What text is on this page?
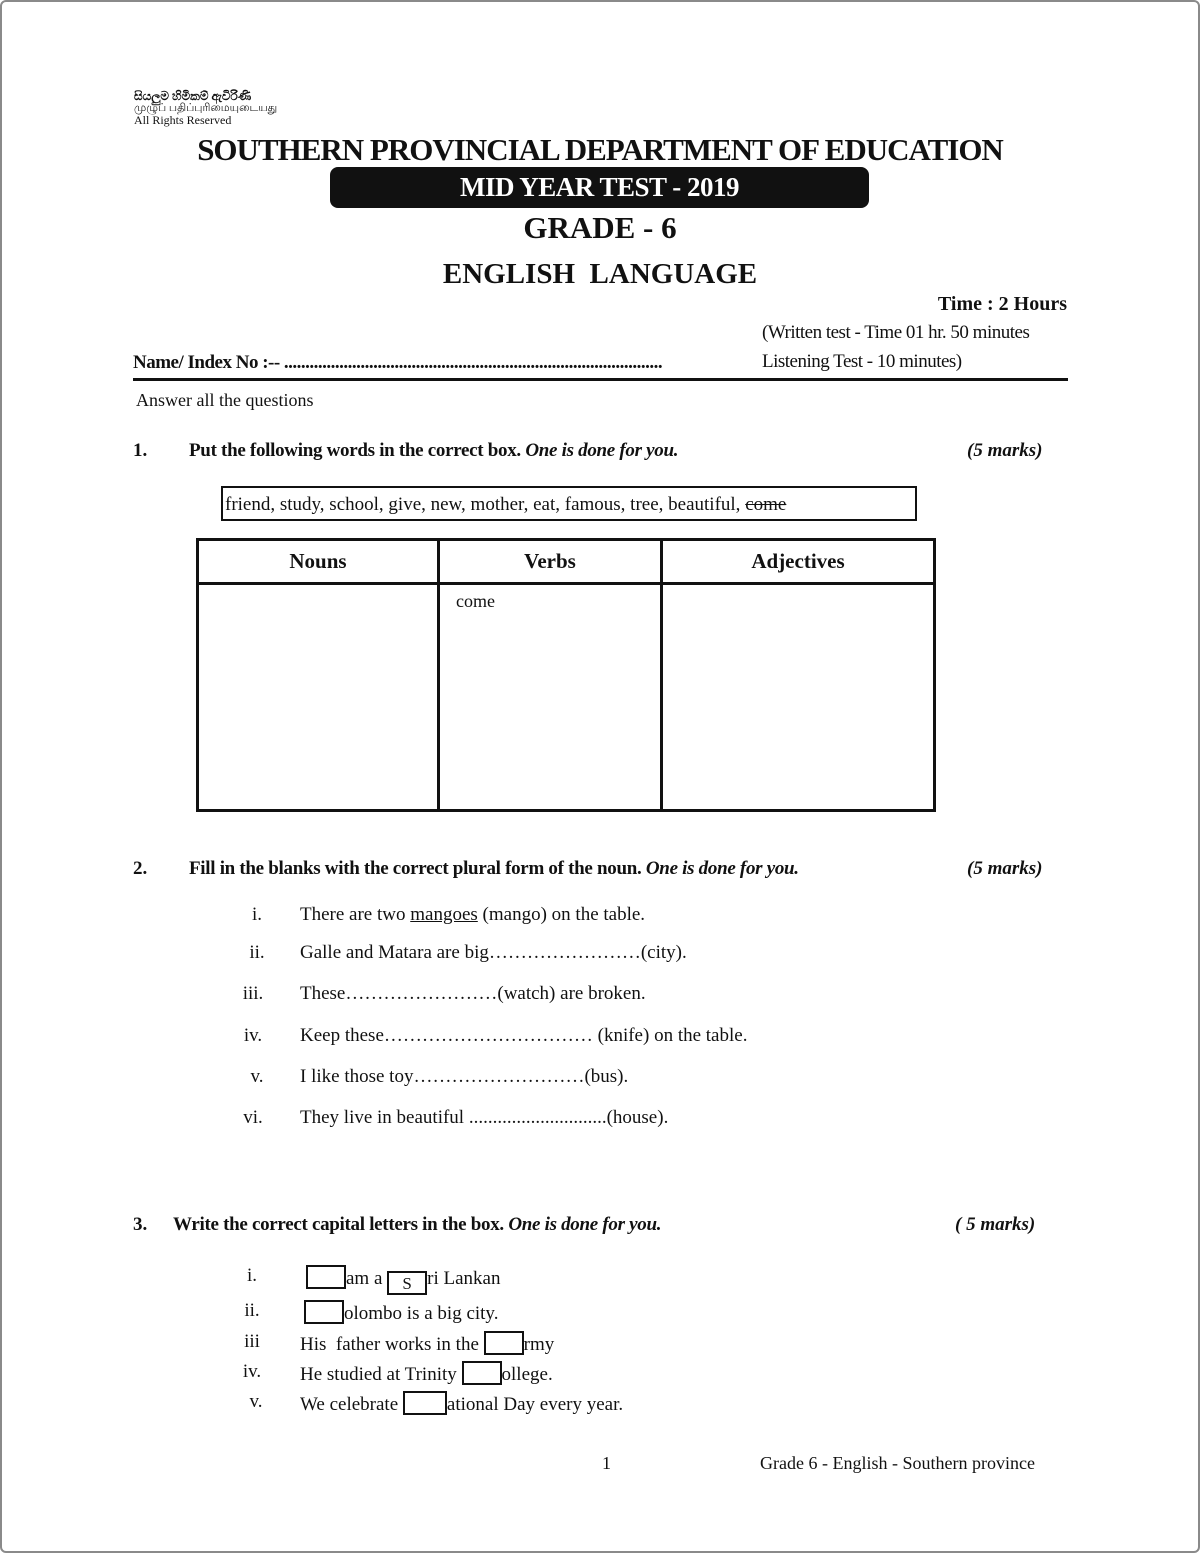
සියලුම හිමිකම් ඇවිරිණි
முழுப் பதிப்புரிமையுடையது
All Rights Reserved
SOUTHERN PROVINCIAL DEPARTMENT OF EDUCATION
MID YEAR TEST - 2019
GRADE - 6
ENGLISH  LANGUAGE
Time : 2 Hours
(Written test - Time 01 hr. 50 minutes
Listening Test - 10 minutes)
Name/ Index No :-- .........................................................................................
Answer all the questions
1. Put the following words in the correct box. One is done for you.	(5 marks)
friend, study, school, give, new, mother, eat, famous, tree, beautiful, come
Nouns	Verbs	Adjectives
	come	
2. Fill in the blanks with the correct plural form of the noun. One is done for you.	(5 marks)
i.	There are two mangoes (mango) on the table.
ii.	Galle and Matara are big……………………(city).
iii.	These……………………(watch) are broken.
iv.	Keep these…………………………… (knife) on the table.
v.	I like those toy………………………(bus).
vi.	They live in beautiful .............................(house).
3. Write the correct capital letters in the box. One is done for you.	( 5 marks)
i.	am a S ri Lankan
ii.	olombo is a big city.
iii	His  father works in the rmy
iv.	He studied at Trinity ollege.
v.	We celebrate ational Day every year.
1	Grade 6 - English - Southern province
